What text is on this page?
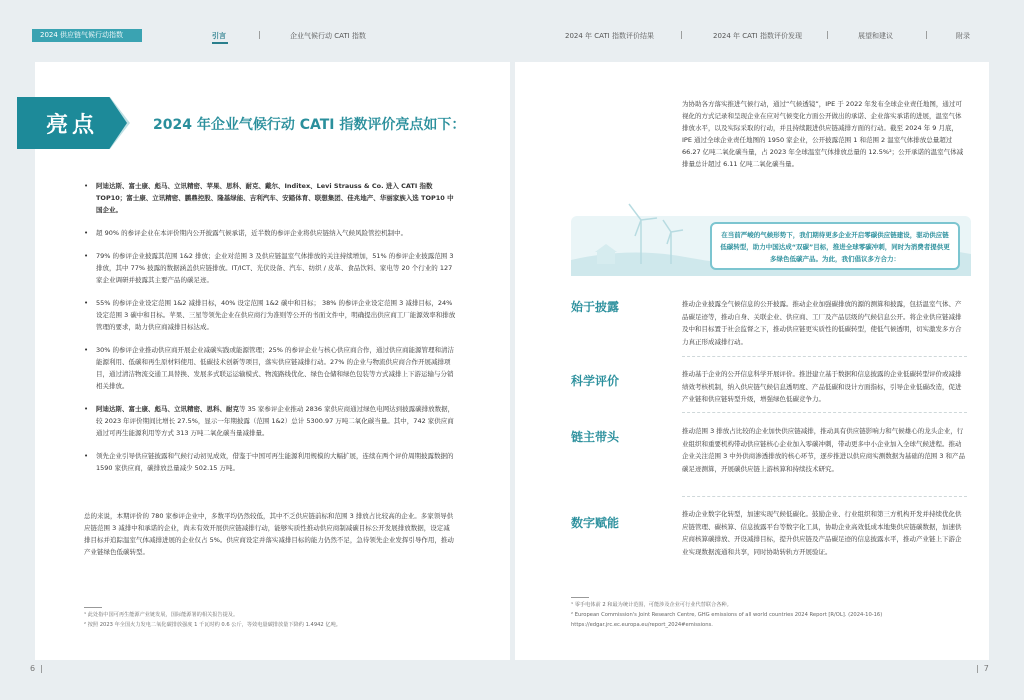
2024 供应链气候行动指数	引言	|	企业气候行动 CATI 指数	2024 年 CATI 指数评价结果	|	2024 年 CATI 指数评价发现	|	展望和建议	|	附录
亮点	2024 年企业气候行动 CATI 指数评价亮点如下：
• 阿迪达斯、富士康、彪马、立讯精密、苹果、思科、耐克、戴尔、Inditex、Levi Strauss & Co. 进入 CATI 指数 TOP10；富士康、立讯精密、鹏鼎控股、隆基绿能、吉利汽车、安踏体育、联想集团、佳兆地产、华丽家族入选 TOP10 中国企业。
• 超 90% 的参评企业在本评价期内公开披露气候承诺，近半数的参评企业将供应链纳入气候风险管控机制中。
• 79% 的参评企业披露其范围 1&2 排放；企业对范围 3 及供应链温室气体排放的关注持续增加，51% 的参评企业披露范围 3 排放，其中 77% 披露的数据涵盖供应链排放。IT/ICT、光伏设备、汽车、纺织 / 皮革、食品饮料、家电等 20 个行业的 127 家企业调研并披露其主要产品的碳足迹。
• 55% 的参评企业设定范围 1&2 减排目标，40% 设定范围 1&2 碳中和目标； 38% 的参评企业设定范围 3 减排目标，24% 设定范围 3 碳中和目标。苹果、三星等领先企业在供应商行为准则等公开的书面文件中，明确提出供应商工厂能源效率和排放管理的要求，助力供应商减排目标达成。
• 30% 的参评企业推动供应商开展企业减碳实践或能源管理；25% 的参评企业与核心供应商合作，通过供应商能源管理和清洁能源利用、低碳和再生原材料使用、低碳技术创新等项目，落实供应链减排行动。27% 的企业与物流供应商合作开展减排项目，通过清洁物流交通工具替换、发展多式联运运输模式、物流路线优化、绿色仓储和绿色包装等方式减排上下游运输与分销相关排放。
• 阿迪达斯、富士康、彪马、立讯精密、思科、耐克等 35 家参评企业推动 2836 家供应商通过绿色电网达到披露碳排放数据，较 2023 年评价期间比增长 27.5%，显示一年期披露（范围 1&2）总计 5300.97 万吨二氧化碳当量。其中，742 家供应商通过可再生能源利用等方式 313 万吨二氧化碳当量减排量。
• 领先企业引导供应链披露和气候行动初见成效，借鉴于中国可再生能源利用规模的大幅扩展，连续在两个评价周期披露数据的 1590 家供应商，碳排放总量减少 502.15 万吨。
总的来说，本期评价的 780 家参评企业中，多数平均仍然较低，其中不乏供应链前标和范围 3 排放占比较高的企业。多家领导供应链范围 3 减排中和承诺的企业，尚未有效开展供应链减排行动，能够实质性推动供应商制减碳目标公开发展排放数据，设定减排目标并追踪温室气体减排进展的企业仅占 5%。供应商设定并落实减排目标的能力仍然不足，急待领先企业发挥引导作用，推动产业链绿色低碳转型。
¹ 此处指中国可再生能源产业链发展，国际能源署的相关报告提及。
² 按照 2023 年全国火力发电二氧化碳排放强度 1 千瓦时约 0.6 公斤，等效电量碳排放量下降约 1.4942 亿吨。
6  |
为协助各方落实推进气候行动，通过“气候透镜”，IPE 于 2022 年发布全球企业责任地图，通过可视化的方式记录和呈现企业在应对气候变化方面公开做出的承诺、企业落实承诺的进展，温室气体排放水平，以及实际采取的行动，并且持续跟进供应链减排方面的行动。截至 2024 年 9 月底，IPE 通过全球企业责任地图的 1950 家企业，公开披露范围 1 和范围 2 温室气体排放总量超过 66.27 亿吨二氧化碳当量，占 2023 年全球温室气体排放总量的 12.5%²；公开承诺的温室气体减排量总计超过 6.11 亿吨二氧化碳当量。
在当前严峻的气候形势下，我们期待更多企业开启零碳供应链建设，驱动供应链低碳转型，助力中国达成“双碳”目标，推进全球零碳冲刺，同时为消费者提供更多绿色低碳产品。为此，我们倡议多方合力：
始于披露	推动企业披露全气候信息的公开披露。推动企业加强碳排放的源的测算和披露，包括温室气体、产品碳足迹等，推动自身、关联企业、供应商、工厂及产品层级的气候信息公开。将企业供应链减排及中和目标置于社会监督之下，推动供应链更实质性的低碳转型，使低气候透明，切实激发多方合力真正形成减排行动。
科学评价	推动基于企业的公开信息科学开展评价。推进建立基于数据和信息披露的企业低碳转型评价或减排绩效考核机制，纳入供应链气候信息透明度、产品低碳和设计方面指标，引导企业低碳改造，促进产业链和供应链转型升级，增强绿色低碳竞争力。
链主带头	推动范围 3 排放占比较的企业加快供应链减排，推动具有供应链影响力和气候雄心的龙头企业，行业组织和重要机构带动供应链核心企业加入零碳冲刺，带动更多中小企业加入全球气候进程。推动企业关注范围 3 中外供商渗透排放的核心环节，逐步推进以供应商实测数据为基础的范围 3 和产品碳足迹测算，开展碳供应链上游核算和持续技术研究。
数字赋能
推动企业数字化转型，加速实现气候低碳化。鼓励企业、行业组织和第三方机构开发并持续优化供应链管理、碳核算、信息披露平台等数字化工具，协助企业高效低成本地集供应链碳数据，加速供应商核算碳排放、开设减排目标，提升供应链及产品碳足迹的信息披露水平，推动产业链上下游企业实现数据流通和共享，同时协助转轨方开展验证。
¹ 零手电体前 2 和最为统计范围，可能涉及企业可行业代替联合各种。
² European Commission's Joint Research Centre, GHG emissions of all world countries 2024 Report [R/OL]. (2024-10-16)
https://edgar.jrc.ec.europa.eu/report_2024#emissions.
|  7
